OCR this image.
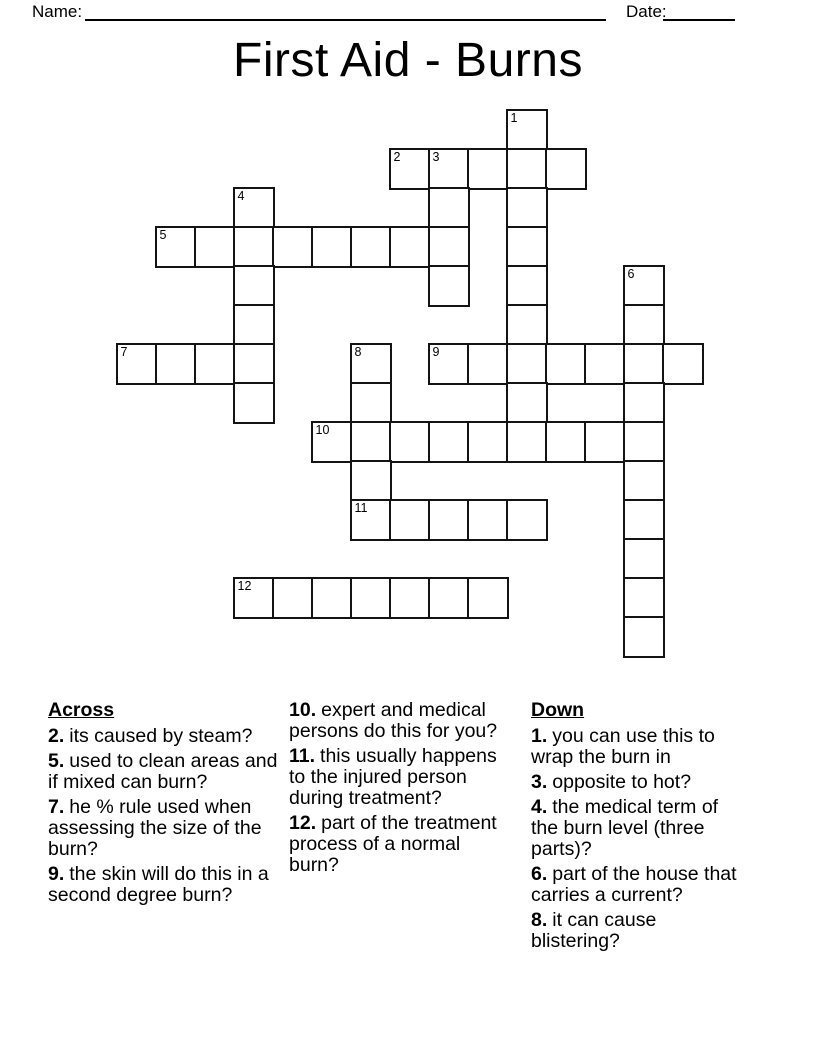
Name:	Date:
First Aid - Burns
1
2	3
4
5
6
7	8	9
10
11
12

Across

2. its caused by steam?

5. used to clean areas and if mixed can burn?

7. he % rule used when assessing the size of the burn?

9. the skin will do this in a second degree burn?

10. expert and medical persons do this for you?

11. this usually happens to the injured person during treatment?

12. part of the treatment process of a normal burn?

Down

1. you can use this to wrap the burn in

3. opposite to hot?

4. the medical term of the burn level (three parts)?

6. part of the house that carries a current?

8. it can cause blistering?
